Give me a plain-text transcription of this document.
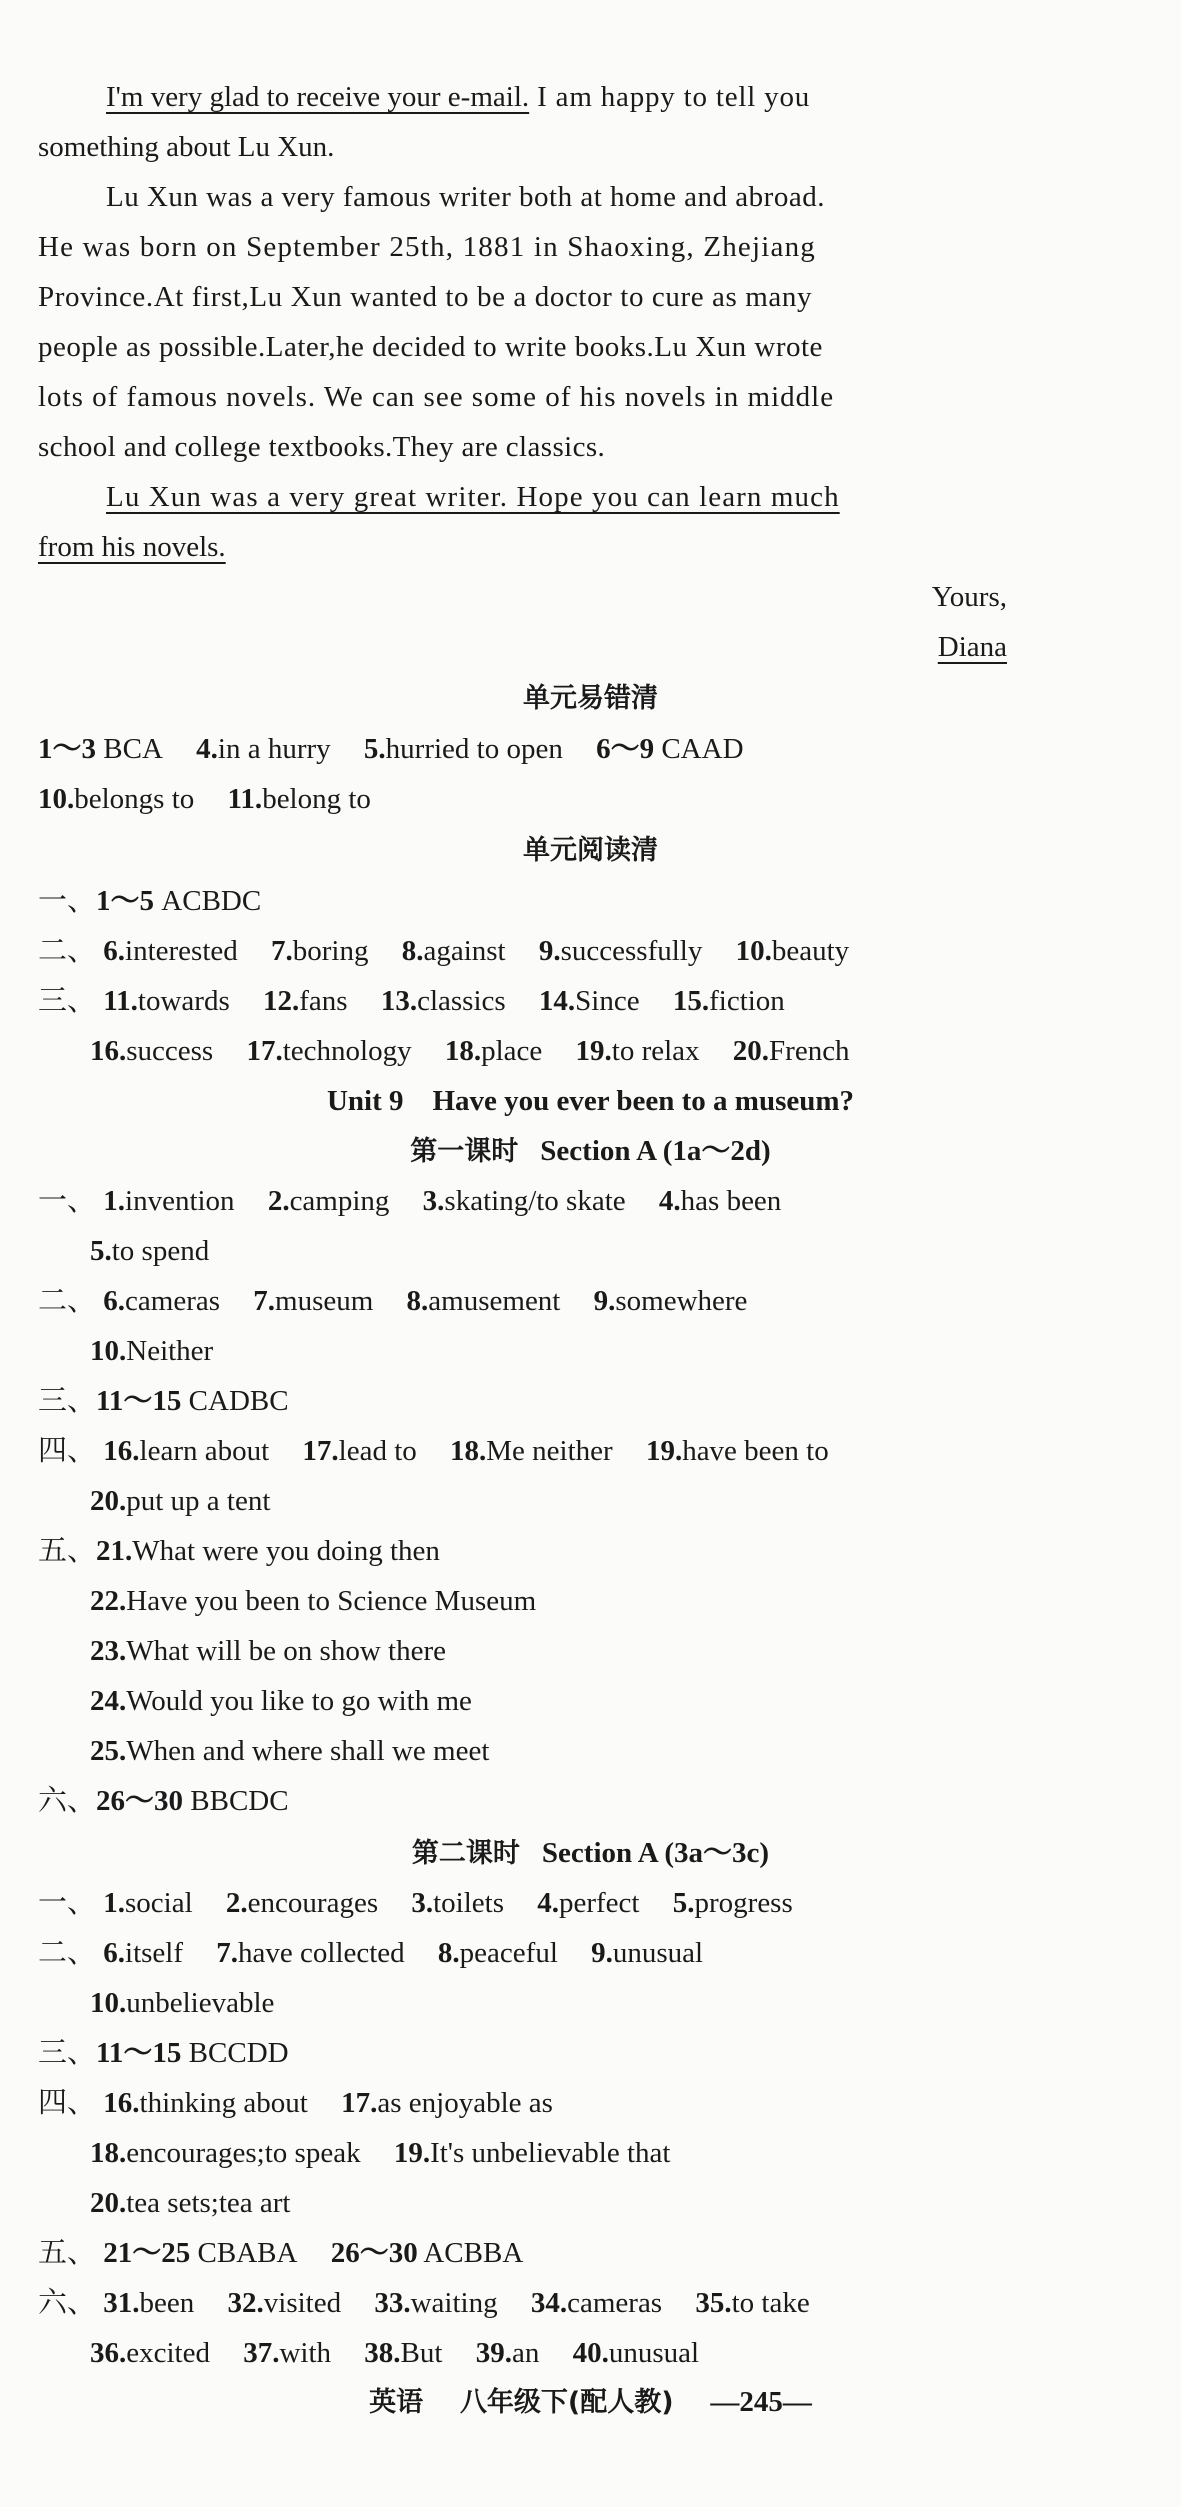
I'm very glad to receive your e-mail. I am happy to tell you
something about Lu Xun.
Lu Xun was a very famous writer both at home and abroad.
He was born on September 25th, 1881 in Shaoxing, Zhejiang
Province.At first,Lu Xun wanted to be a doctor to cure as many
people as possible.Later,he decided to write books.Lu Xun wrote
lots of famous novels. We can see some of his novels in middle
school and college textbooks.They are classics.
Lu Xun was a very great writer. Hope you can learn much
from his novels.
Yours,
Diana
单元易错清
1～3 BCA 4.in a hurry 5.hurried to open 6～9 CAAD
10.belongs to 11.belong to
单元阅读清
一、1～5 ACBDC
二、 6.interested 7.boring 8.against 9.successfully 10.beauty
三、 11.towards 12.fans 13.classics 14.Since 15.fiction
16.success 17.technology 18.place 19.to relax 20.French
Unit 9　Have you ever been to a museum?
第一课时 Section A (1a～2d)
一、 1.invention 2.camping 3.skating/to skate 4.has been
5.to spend
二、 6.cameras 7.museum 8.amusement 9.somewhere
10.Neither
三、11～15 CADBC
四、 16.learn about 17.lead to 18.Me neither 19.have been to
20.put up a tent
五、21.What were you doing then
22.Have you been to Science Museum
23.What will be on show there
24.Would you like to go with me
25.When and where shall we meet
六、26～30 BBCDC
第二课时 Section A (3a～3c)
一、 1.social 2.encourages 3.toilets 4.perfect 5.progress
二、 6.itself 7.have collected 8.peaceful 9.unusual
10.unbelievable
三、11～15 BCCDD
四、 16.thinking about 17.as enjoyable as
18.encourages;to speak 19.It's unbelievable that
20.tea sets;tea art
五、 21～25 CBABA 26～30 ACBBA
六、 31.been 32.visited 33.waiting 34.cameras 35.to take
36.excited 37.with 38.But 39.an 40.unusual
英语 八年级下(配人教) —245—
